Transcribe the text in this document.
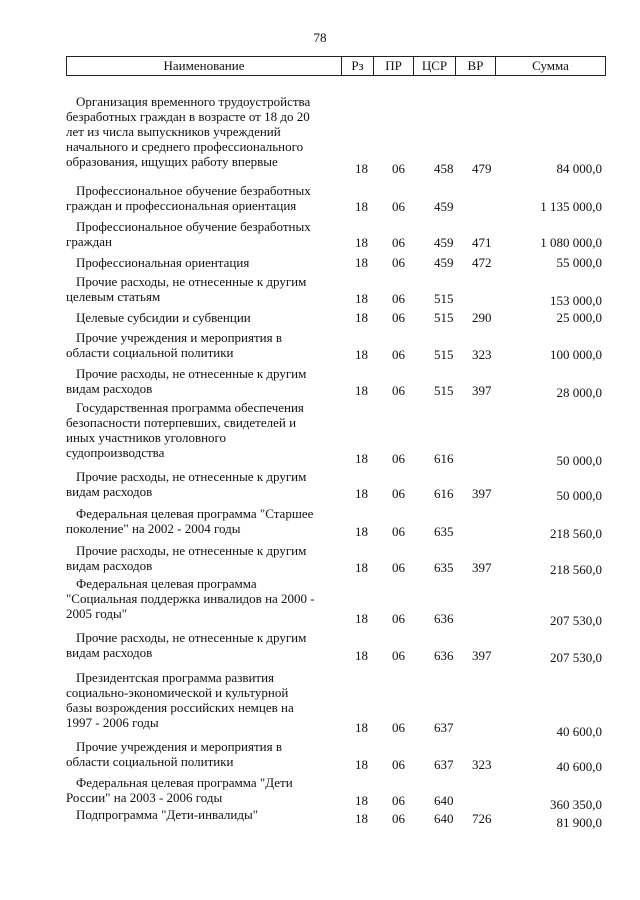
78
Наименование	Рз	ПР	ЦСР	ВР	Сумма
Организация временного трудоустройства
безработных граждан в возрасте от 18 до 20
лет из числа выпускников учреждений
начального и среднего профессионального
образования, ищущих работу впервые	18 06 458 479	84 000,0
Профессиональное обучение безработных
граждан и профессиональная ориентация	18 06 459	1 135 000,0
Профессиональное обучение безработных
граждан	18 06 459 471	1 080 000,0
Профессиональная ориентация	18 06 459 472	55 000,0
Прочие расходы, не отнесенные к другим
целевым статьям	18 06 515	153 000,0
Целевые субсидии и субвенции	18 06 515 290	25 000,0
Прочие учреждения и мероприятия в
области социальной политики	18 06 515 323	100 000,0
Прочие расходы, не отнесенные к другим
видам расходов	18 06 515 397	28 000,0
Государственная программа обеспечения
безопасности потерпевших, свидетелей и
иных участников уголовного
судопроизводства	18 06 616	50 000,0
Прочие расходы, не отнесенные к другим
видам расходов	18 06 616 397	50 000,0
Федеральная целевая программа "Старшее
поколение" на 2002 - 2004 годы	18 06 635	218 560,0
Прочие расходы, не отнесенные к другим
видам расходов	18 06 635 397	218 560,0
Федеральная целевая программа
"Социальная поддержка инвалидов на 2000 -
2005 годы"	18 06 636	207 530,0
Прочие расходы, не отнесенные к другим
видам расходов	18 06 636 397	207 530,0
Президентская программа развития
социально-экономической и культурной
базы возрождения российских немцев на
1997 - 2006 годы	18 06 637	40 600,0
Прочие учреждения и мероприятия в
области социальной политики	18 06 637 323	40 600,0
Федеральная целевая программа "Дети
России" на 2003 - 2006 годы	18 06 640	360 350,0
Подпрограмма "Дети-инвалиды"	18 06 640 726	81 900,0
